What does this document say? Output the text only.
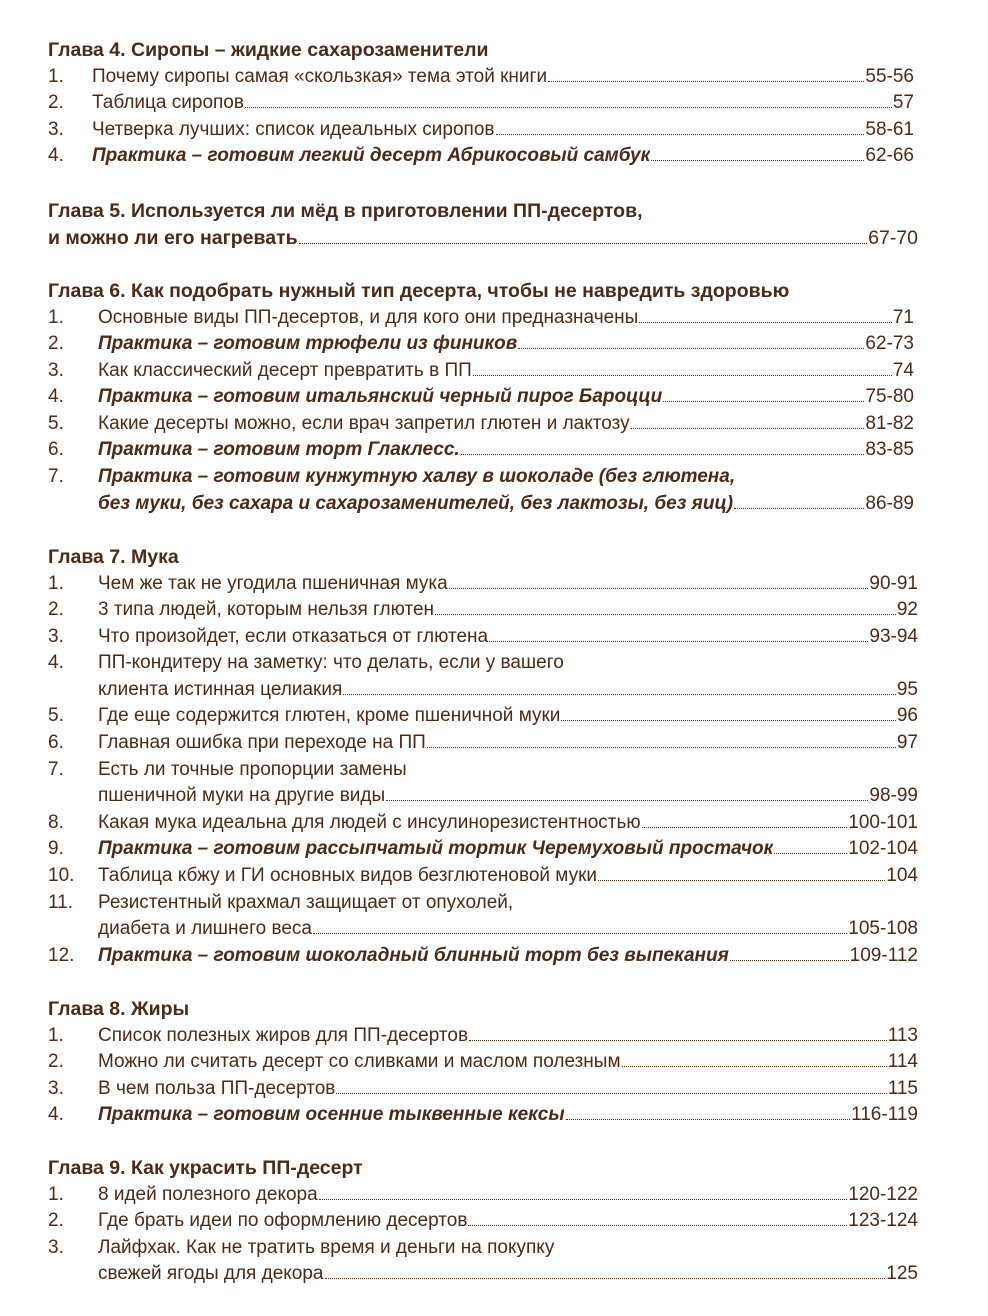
Глава 4. Сиропы – жидкие сахарозаменители
1.	Почему сиропы самая «скользкая» тема этой книги	55-56
2.	Таблица сиропов	57
3.	Четверка лучших: список идеальных сиропов	58-61
4.	Практика – готовим легкий десерт Абрикосовый самбук	62-66
Глава 5. Используется ли мёд в приготовлении ПП-десертов,
и можно ли его нагревать	67-70
Глава 6. Как подобрать нужный тип десерта, чтобы не навредить здоровью
1.	Основные виды ПП-десертов, и для кого они предназначены	71
2.	Практика – готовим трюфели из фиников	62-73
3.	Как классический десерт превратить в ПП	74
4.	Практика – готовим итальянский черный пирог Бароцци	75-80
5.	Какие десерты можно, если врач запретил глютен и лактозу	81-82
6.	Практика – готовим торт Глаклесс.	83-85
7.	Практика – готовим кунжутную халву в шоколаде (без глютена,
без муки, без сахара и сахарозаменителей, без лактозы, без яиц)	86-89
Глава 7. Мука
1.	Чем же так не угодила пшеничная мука	90-91
2.	3 типа людей, которым нельзя глютен	92
3.	Что произойдет, если отказаться от глютена	93-94
4.	ПП-кондитеру на заметку: что делать, если у вашего
клиента истинная целиакия	95
5.	Где еще содержится глютен, кроме пшеничной муки	96
6.	Главная ошибка при переходе на ПП	97
7.	Есть ли точные пропорции замены
пшеничной муки на другие виды	98-99
8.	Какая мука идеальна для людей с инсулинорезистентностью	100-101
9.	Практика – готовим рассыпчатый тортик Черемуховый простачок	102-104
10.	Таблица кбжу и ГИ основных видов безглютеновой муки	104
11.	Резистентный крахмал защищает от опухолей,
диабета и лишнего веса	105-108
12.	Практика – готовим шоколадный блинный торт без выпекания	109-112
Глава 8. Жиры
1.	Список полезных жиров для ПП-десертов	113
2.	Можно ли считать десерт со сливками и маслом полезным	114
3.	В чем польза ПП-десертов	115
4.	Практика – готовим осенние тыквенные кексы	116-119
Глава 9. Как украсить ПП-десерт
1.	8 идей полезного декора	120-122
2.	Где брать идеи по оформлению десертов	123-124
3.	Лайфхак. Как не тратить время и деньги на покупку
свежей ягоды для декора	125
